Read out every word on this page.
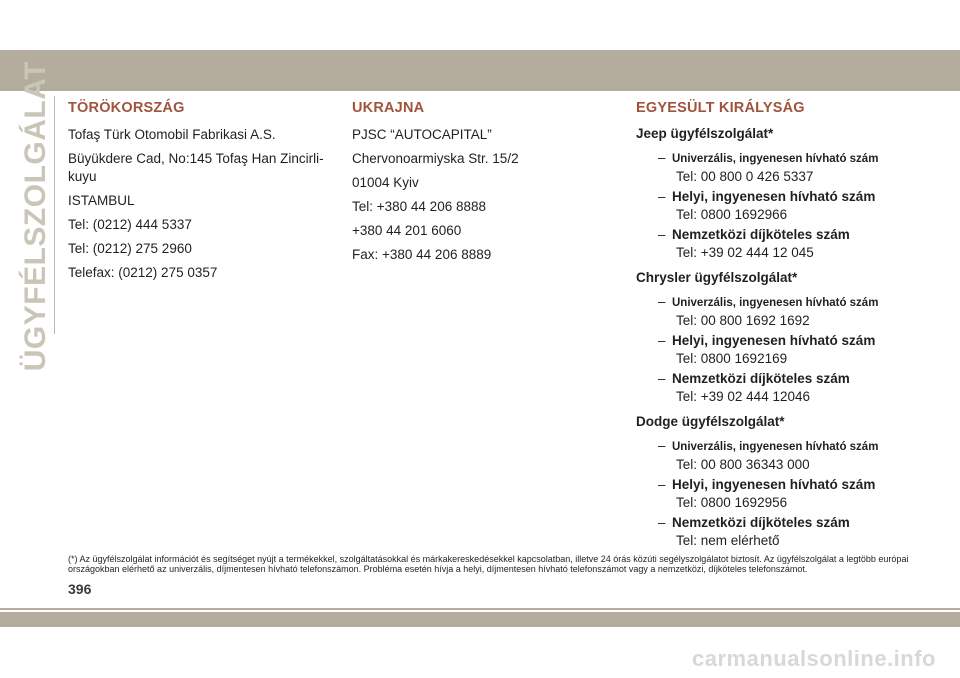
ÜGYFÉLSZOLGÁLAT TÖRÖKORSZÁG
Tofaş Türk Otomobil Fabrikasi A.S.
Büyükdere Cad, No:145 Tofaş Han Zincirli-kuyu
ISTAMBUL
Tel: (0212) 444 5337
Tel: (0212) 275 2960
Telefax: (0212) 275 0357
UKRAJNA
PJSC “AUTOCAPITAL”
Chervonoarmiyska Str. 15/2
01004 Kyiv
Tel: +380 44 206 8888
+380 44 201 6060
Fax: +380 44 206 8889
EGYESÜLT KIRÁLYSÁG
Jeep ügyfélszolgálat*
– Univerzális, ingyenesen hívható szám
Tel: 00 800 0 426 5337
– Helyi, ingyenesen hívható szám
Tel: 0800 1692966
– Nemzetközi díjköteles szám
Tel: +39 02 444 12 045
Chrysler ügyfélszolgálat*
– Univerzális, ingyenesen hívható szám
Tel: 00 800 1692 1692
– Helyi, ingyenesen hívható szám
Tel: 0800 1692169
– Nemzetközi díjköteles szám
Tel: +39 02 444 12046
Dodge ügyfélszolgálat*
– Univerzális, ingyenesen hívható szám
Tel: 00 800 36343 000
– Helyi, ingyenesen hívható szám
Tel: 0800 1692956
– Nemzetközi díjköteles szám
Tel: nem elérhető
(*) Az ügyfélszolgálat információt és segítséget nyújt a termékekkel, szolgáltatásokkal és márkakereskedésekkel kapcsolatban, illetve 24 órás közúti segélyszolgálatot biztosít. Az ügyfélszolgálat a legtöbb európai országokban elérhető az univerzális, díjmentesen hívható telefonszámon. Probléma esetén hívja a helyi, díjmentesen hívható telefonszámot vagy a nemzetközi, díjköteles telefonszámot.
396
carmanualsonline.info
